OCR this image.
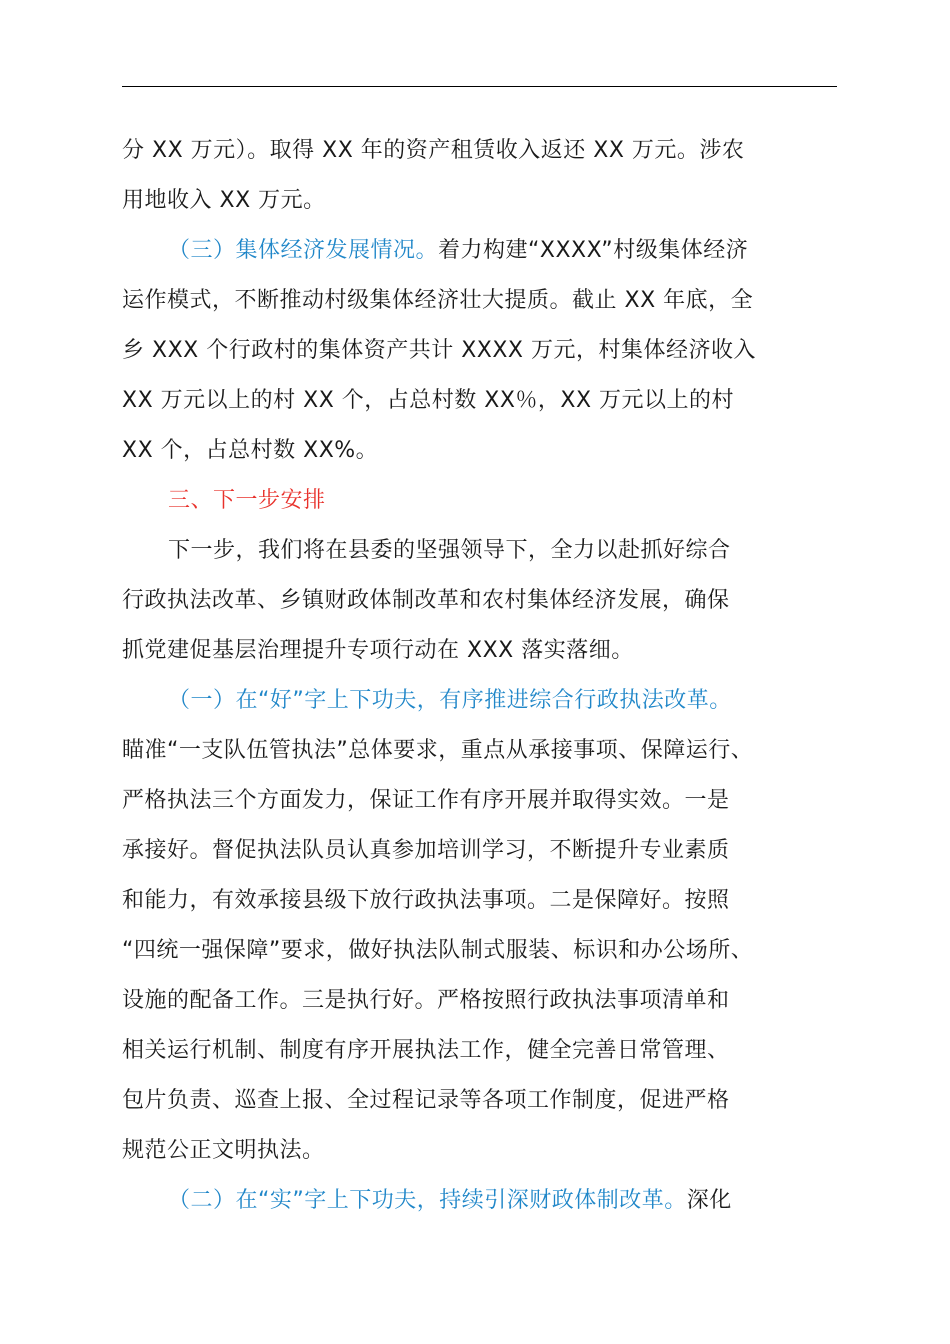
分 XX 万元）。取得 XX 年的资产租赁收入返还 XX 万元。涉农
用地收入 XX 万元。
（三）集体经济发展情况。着力构建“XXXX”村级集体经济
运作模式，不断推动村级集体经济壮大提质。截止 XX 年底，全
乡 XXX 个行政村的集体资产共计 XXXX 万元，村集体经济收入
XX 万元以上的村 XX 个，占总村数 XX％，XX 万元以上的村
XX 个，占总村数 XX%。
三、下一步安排
下一步，我们将在县委的坚强领导下，全力以赴抓好综合
行政执法改革、乡镇财政体制改革和农村集体经济发展，确保
抓党建促基层治理提升专项行动在 XXX 落实落细。
（一）在“好”字上下功夫，有序推进综合行政执法改革。
瞄准“一支队伍管执法”总体要求，重点从承接事项、保障运行、
严格执法三个方面发力，保证工作有序开展并取得实效。一是
承接好。督促执法队员认真参加培训学习，不断提升专业素质
和能力，有效承接县级下放行政执法事项。二是保障好。按照
“四统一强保障”要求，做好执法队制式服装、标识和办公场所、
设施的配备工作。三是执行好。严格按照行政执法事项清单和
相关运行机制、制度有序开展执法工作，健全完善日常管理、
包片负责、巡查上报、全过程记录等各项工作制度，促进严格
规范公正文明执法。
（二）在“实”字上下功夫，持续引深财政体制改革。深化
